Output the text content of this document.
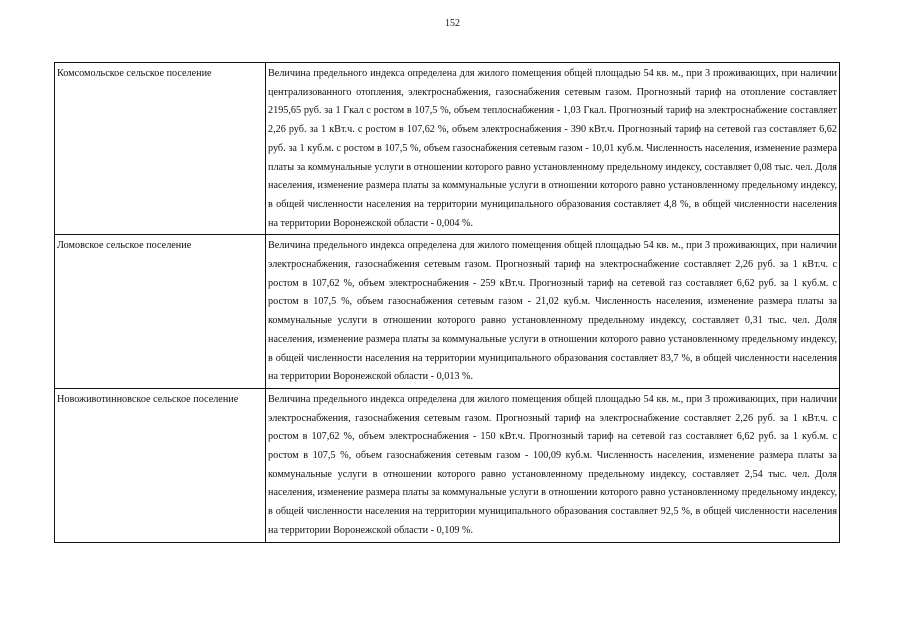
152
Комсомольское сельское поселение	Величина предельного индекса определена для жилого помещения общей площадью 54 кв. м., при 3 проживающих, при наличии централизованного отопления, электроснабжения, газоснабжения сетевым газом. Прогнозный тариф на отопление составляет 2195,65 руб. за 1 Гкал с ростом в 107,5 %, объем теплоснабжения - 1,03 Гкал. Прогнозный тариф на электроснабжение составляет 2,26 руб. за 1 кВт.ч. с ростом в 107,62 %, объем электроснабжения - 390 кВт.ч. Прогнозный тариф на сетевой газ составляет 6,62 руб. за 1 куб.м. с ростом в 107,5 %, объем газоснабжения сетевым газом - 10,01 куб.м. Численность населения, изменение размера платы за коммунальные услуги в отношении которого равно установленному предельному индексу, составляет 0,08 тыс. чел. Доля населения, изменение размера платы за коммунальные услуги в отношении которого равно установленному предельному индексу, в общей численности населения на территории муниципального образования составляет 4,8 %, в общей численности населения на территории Воронежской области - 0,004 %.
Ломовское сельское поселение	Величина предельного индекса определена для жилого помещения общей площадью 54 кв. м., при 3 проживающих, при наличии электроснабжения, газоснабжения сетевым газом. Прогнозный тариф на электроснабжение составляет 2,26 руб. за 1 кВт.ч. с ростом в 107,62 %, объем электроснабжения - 259 кВт.ч. Прогнозный тариф на сетевой газ составляет 6,62 руб. за 1 куб.м. с ростом в 107,5 %, объем газоснабжения сетевым газом - 21,02 куб.м. Численность населения, изменение размера платы за коммунальные услуги в отношении которого равно установленному предельному индексу, составляет 0,31 тыс. чел. Доля населения, изменение размера платы за коммунальные услуги в отношении которого равно установленному предельному индексу, в общей численности населения на территории муниципального образования составляет 83,7 %, в общей численности населения на территории Воронежской области - 0,013 %.
Новоживотинновское сельское поселение	Величина предельного индекса определена для жилого помещения общей площадью 54 кв. м., при 3 проживающих, при наличии электроснабжения, газоснабжения сетевым газом. Прогнозный тариф на электроснабжение составляет 2,26 руб. за 1 кВт.ч. с ростом в 107,62 %, объем электроснабжения - 150 кВт.ч. Прогнозный тариф на сетевой газ составляет 6,62 руб. за 1 куб.м. с ростом в 107,5 %, объем газоснабжения сетевым газом - 100,09 куб.м. Численность населения, изменение размера платы за коммунальные услуги в отношении которого равно установленному предельному индексу, составляет 2,54 тыс. чел. Доля населения, изменение размера платы за коммунальные услуги в отношении которого равно установленному предельному индексу, в общей численности населения на территории муниципального образования составляет 92,5 %, в общей численности населения на территории Воронежской области - 0,109 %.
